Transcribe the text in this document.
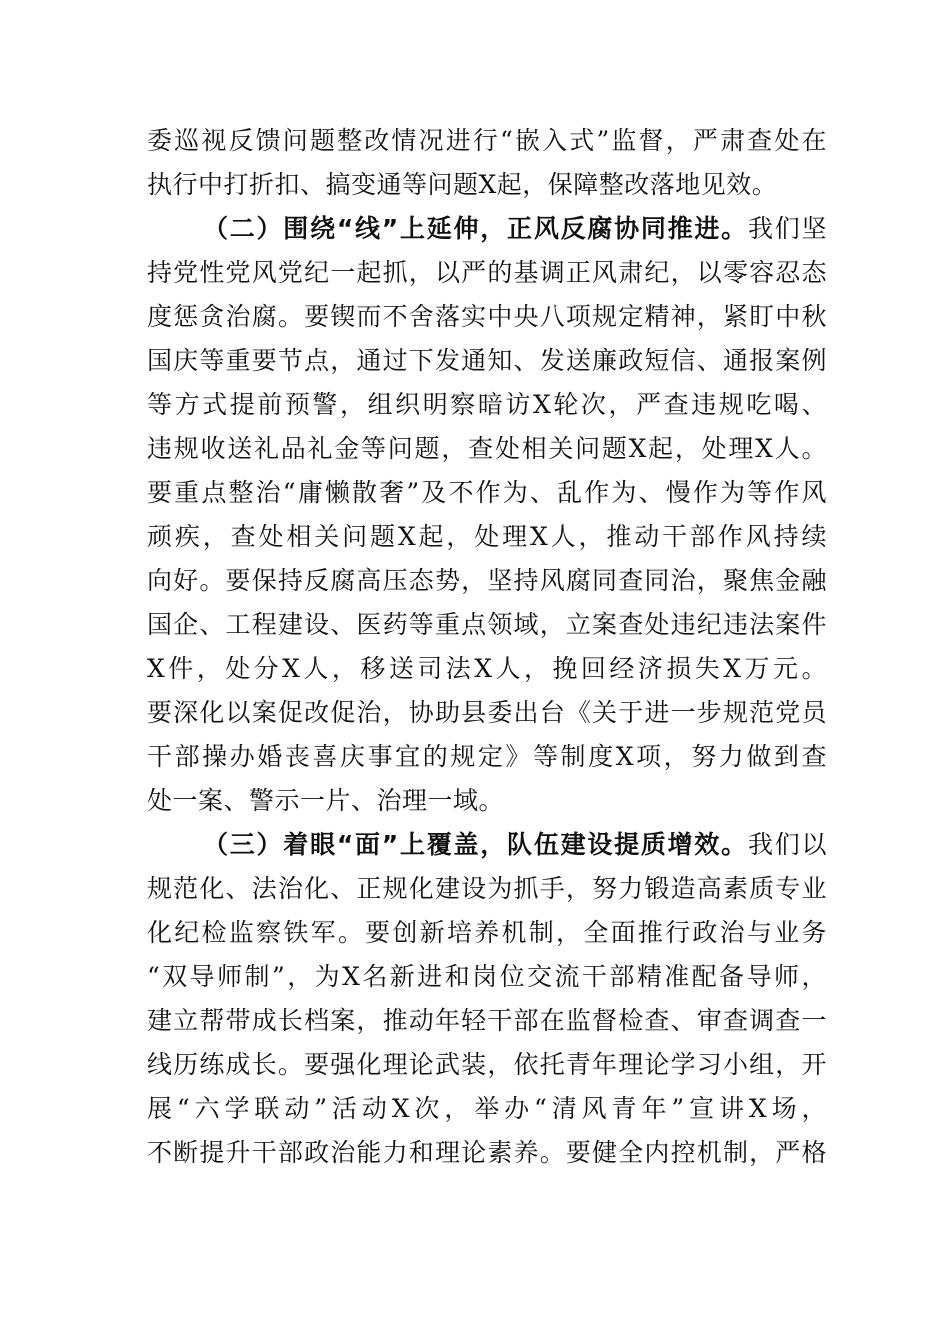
委巡视反馈问题整改情况进行“嵌入式”监督，严肃查处在
执行中打折扣、搞变通等问题X起，保障整改落地见效。
（二）围绕“线”上延伸，正风反腐协同推进。我们坚
持党性党风党纪一起抓，以严的基调正风肃纪，以零容忍态
度惩贪治腐。要锲而不舍落实中央八项规定精神，紧盯中秋
国庆等重要节点，通过下发通知、发送廉政短信、通报案例
等方式提前预警，组织明察暗访X轮次，严查违规吃喝、
违规收送礼品礼金等问题，查处相关问题X起，处理X人。
要重点整治“庸懒散奢”及不作为、乱作为、慢作为等作风
顽疾，查处相关问题X起，处理X人，推动干部作风持续
向好。要保持反腐高压态势，坚持风腐同查同治，聚焦金融
国企、工程建设、医药等重点领域，立案查处违纪违法案件
X件，处分X人，移送司法X人，挽回经济损失X万元。
要深化以案促改促治，协助县委出台《关于进一步规范党员
干部操办婚丧喜庆事宜的规定》等制度X项，努力做到查
处一案、警示一片、治理一域。
（三）着眼“面”上覆盖，队伍建设提质增效。我们以
规范化、法治化、正规化建设为抓手，努力锻造高素质专业
化纪检监察铁军。要创新培养机制，全面推行政治与业务
“双导师制”，为X名新进和岗位交流干部精准配备导师，
建立帮带成长档案，推动年轻干部在监督检查、审查调查一
线历练成长。要强化理论武装，依托青年理论学习小组，开
展“六学联动”活动X次，举办“清风青年”宣讲X场，
不断提升干部政治能力和理论素养。要健全内控机制，严格
